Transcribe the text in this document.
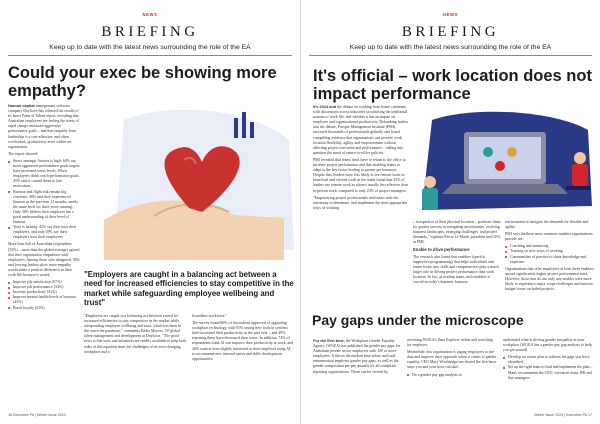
NEWS
BRIEFING
Keep up to date with the latest news surrounding the role of the EA
Could your exec be showing more empathy?

Human capital management software company Dayforce has released the results of its latest Pulse of Talent report, revealing that Australian employees are feeling the stress of rapid change and more aggressive performance goals – and that empathy from leadership is a cost-effective, and often overlooked, productivity lever within an organisation.

The report showed:

Stress amongst Aussies is high: 64% say more aggressive performance goals targets have increased stress levels. When employees didn't reach performance goals, 45% said it caused them to lose motivation.
Burnout and flight risk remain big concerns: 40% said they experienced burnout in the previous 12 months, nearly the same level for three years running. Only 36% believe their employer has a good understanding of their level of burnout.
Trust is lacking: 42% say they trust their employers, and only 49% say their employers trust their employees.

More than half of Australian respondents (55%) – more than the global average) agreed that their organisation empathises with employees. Among those who disagreed, 94% said leaving leaders show more empathy would make a positive difference in their work life because it would:

Improve job satisfaction (67%)
Improve job performance (34%)
Increase productivity (41%)
Improve mental health/levels of burnout (45%)
Boost loyalty (41%)
"Employers are caught in a balancing act between a need for increased efficiencies to stay competitive in the market while safeguarding employee wellbeing and trust"

"Employers are caught in a balancing act between a need for increased efficiencies to stay competitive in the market while safeguarding employee wellbeing and trust, which has been in this since the pandemic," comments Eddie Meyers, VP global talent management and development at Dayforce. "The good news is that tools and initiatives are readily available to help both sides of this equation meet the challenges of an ever-changing workplace and a

boundless workforce."

The survey found 86% of Australians approved of upgrading workplace technology, with 81% saying new tools in systems have increased their productivity in the past year – and 49% reporting these have decreased their stress. In addition, 74% of respondents think AI can improve their productivity at work, and 46% want at least slightly interested in their employer using AI to recommend new internal career and skills development opportunities.

16 Executive PA | Winter Issue 2024
NEWS
BRIEFING
Keep up to date with the latest news surrounding the role of the EA
It's official – work location does not impact performance

It's 2024 and the debate on working from home continues with discussions across industries scrutinising the traditional notions of work life, and whether it has an impact on employee and organisational productivity. Debunking further into the debate, Prosper Management Institute (PMI) surveyed thousands of professionals globally and found compelling evidence that organisations can provide work location flexibility, agility and empowerment without affecting project execution and performance – calling into question the merit of return-to-office policies.

PMI revealed that teams don't have to return to the office to increase project performance and that enabling teams to adapt is the key factor leading to greater performance. Despite this, leaders were less likely to see remote work as beneficial and viewed work as the study found that 33% of leaders see remote work as always usually less effective than in-person work, compared to only 23% of project managers.

"Empowering project professionals and teams with the autonomy to determine, and implement the most appropriate ways of working

– irrespective of their physical location – positions them for greater success in navigating uncertainties, evolving business landscapes, emerging challenges, and project demands," explains Pierre Le Manh, president and CEO at PMI.

Enable to drive performance

The research also found that enablers (specific supportive programming) that helps individuals and teams foster new skills and competencies) play a much larger role in driving project performance than work location. In fact, providing teams with enablers is crucial in today's dynamic business

environment to navigate the demands for flexible and agility.

PMI says the three most common enablers organisations provide are:

Coaching and mentoring
Training on new ways of working
Communities of practice to share knowledge and expertise.

Organisations that offer employees at least three enablers spread significantly higher project performance rates. However, those that do use only any enabler were more likely to experience major scope challenges and mission budget losses on failed projects.

For the first time, the Workplace Gender Equality Agency (WGEA) has published the gender pay gaps for Australian private sector employers with 100 or more employees. It shows the median base salary and total remuneration employer gender pay gaps, as well as the gender composition per pay quartile for all compliant reporting organisations. These can be viewed by

accessing WGEA's Data Explorer online and searching for employer.

Meanwhile, this organisation is urging employers to use data and improve their approach when it comes to gender equality. CEO Mary Wooldridge has shared the five basic steps you and your boss can take:

Do a gender pay gap analysis to

understand what is driving gender inequality in your workplace (WGEA has a gender pay gap analysis to help you get started).

Develop an action plan to address the gaps you have identified.
Set up the right team to lead and implement the plan – Many recommends the CEO, executive team, HR and line managers.
Winter Issue 2024 | Executive PA 17
Pay gaps under the microscope
